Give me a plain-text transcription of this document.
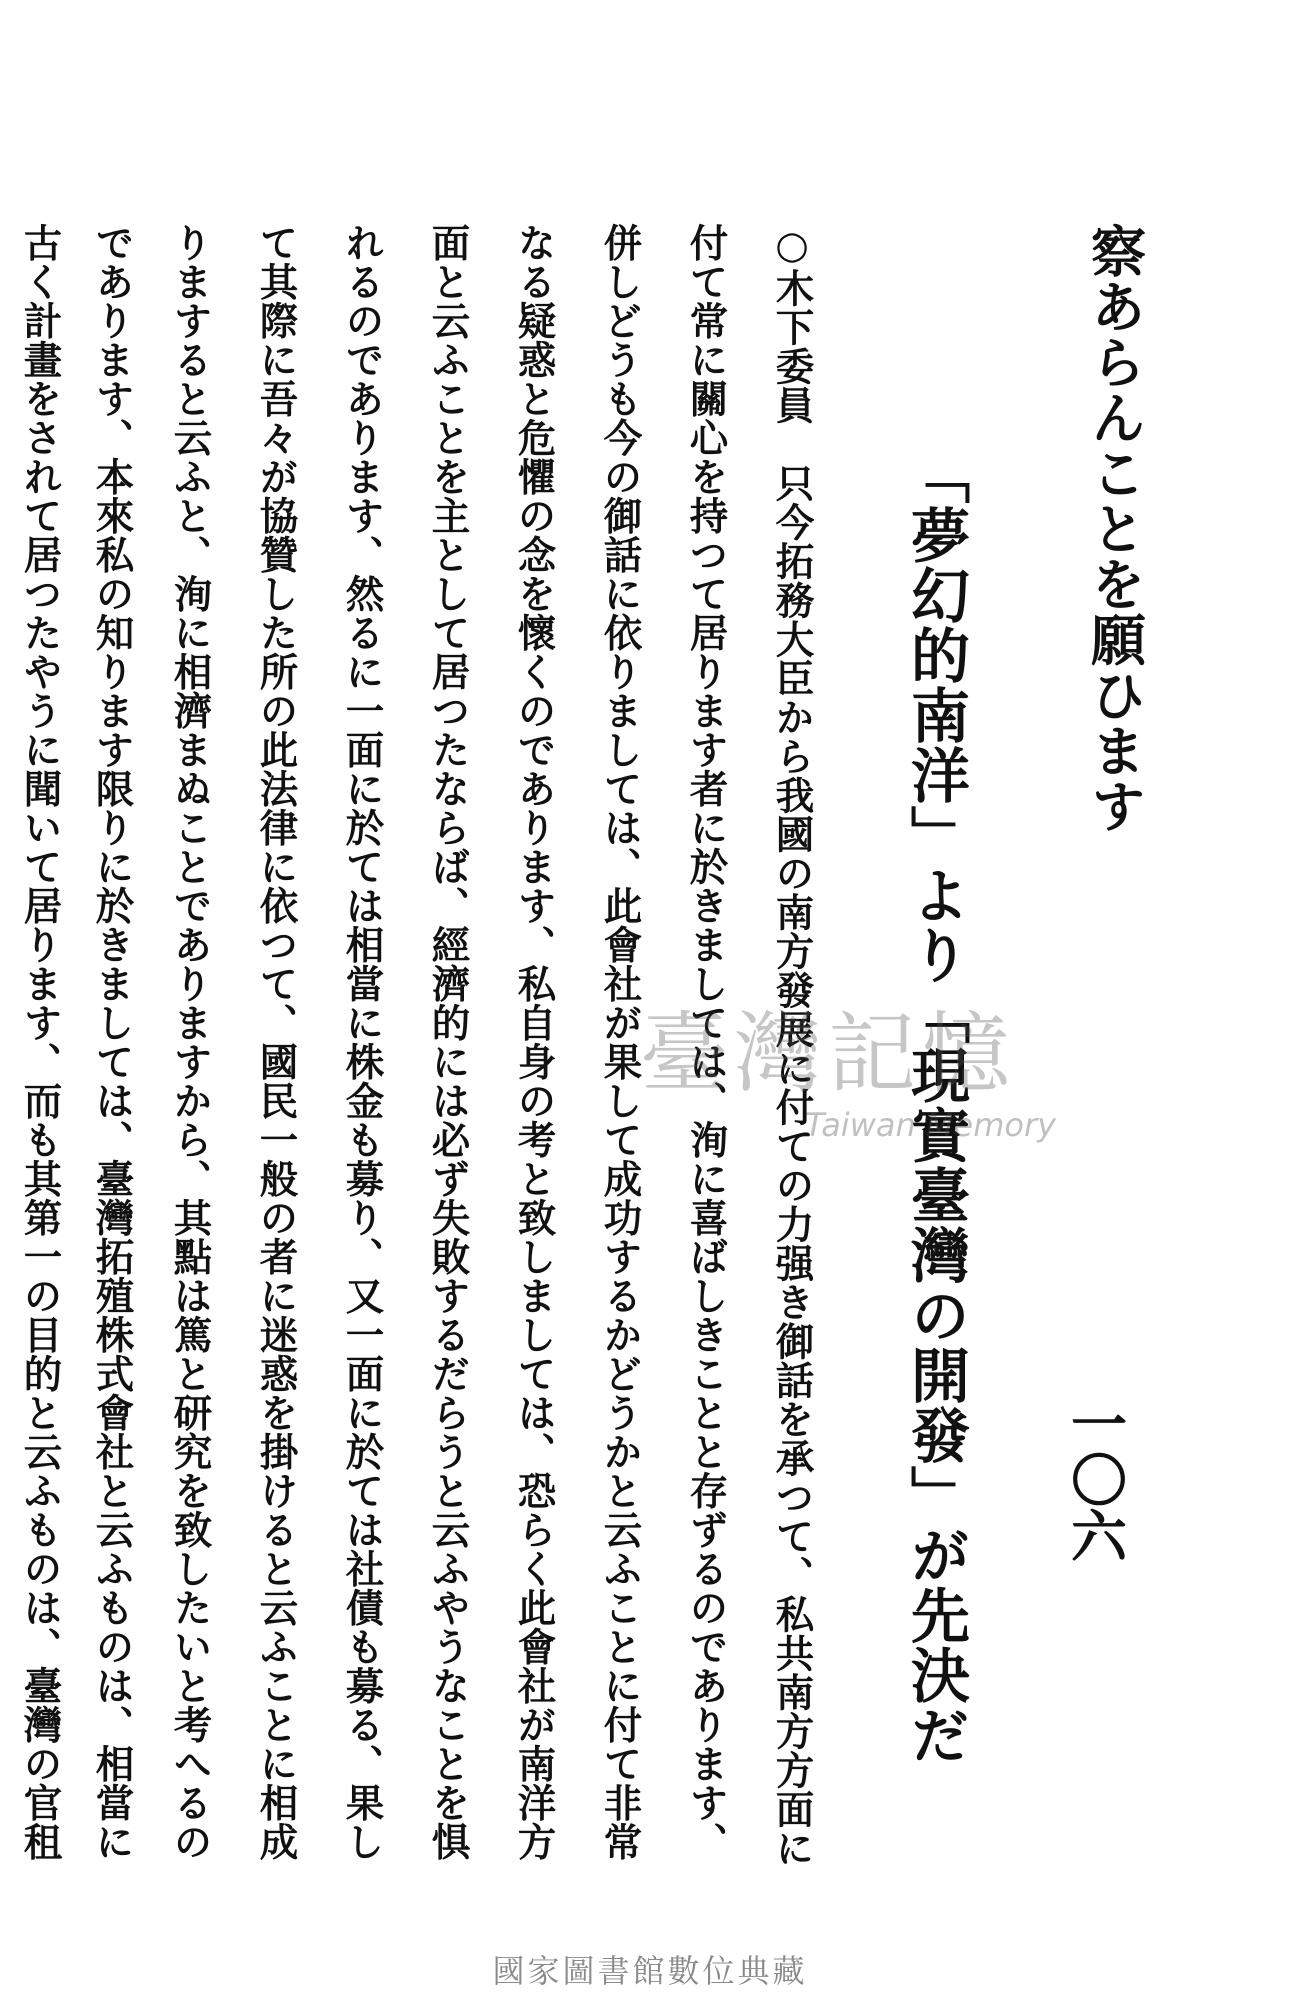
一〇六
察あらんことを願ひます
「夢幻的南洋」より「現實臺灣の開發」が先決だ
○木下委員　只今拓務大臣から我國の南方發展に付ての力强き御話を承つて、私共南方方面に
付て常に關心を持つて居ります者に於きましては、洵に喜ばしきことと存ずるのであります、
併しどうも今の御話に依りましては、此會社が果して成功するかどうかと云ふことに付て非常
なる疑惑と危懼の念を懷くのであります、私自身の考と致しましては、恐らく此會社が南洋方
面と云ふことを主として居つたならば、經濟的には必ず失敗するだらうと云ふやうなことを惧
れるのであります、然るに一面に於ては相當に株金も募り、又一面に於ては社債も募る、果し
て其際に吾々が協贊した所の此法律に依つて、國民一般の者に迷惑を掛けると云ふことに相成
りますると云ふと、洵に相濟まぬことでありますから、其點は篤と研究を致したいと考へるの
であります、本來私の知ります限りに於きましては、臺灣拓殖株式會社と云ふものは、相當に
古く計畫をされて居つたやうに聞いて居ります、而も其第一の目的と云ふものは、臺灣の官租	臺灣記憶
Taiwan Memory
國家圖書館數位典藏
